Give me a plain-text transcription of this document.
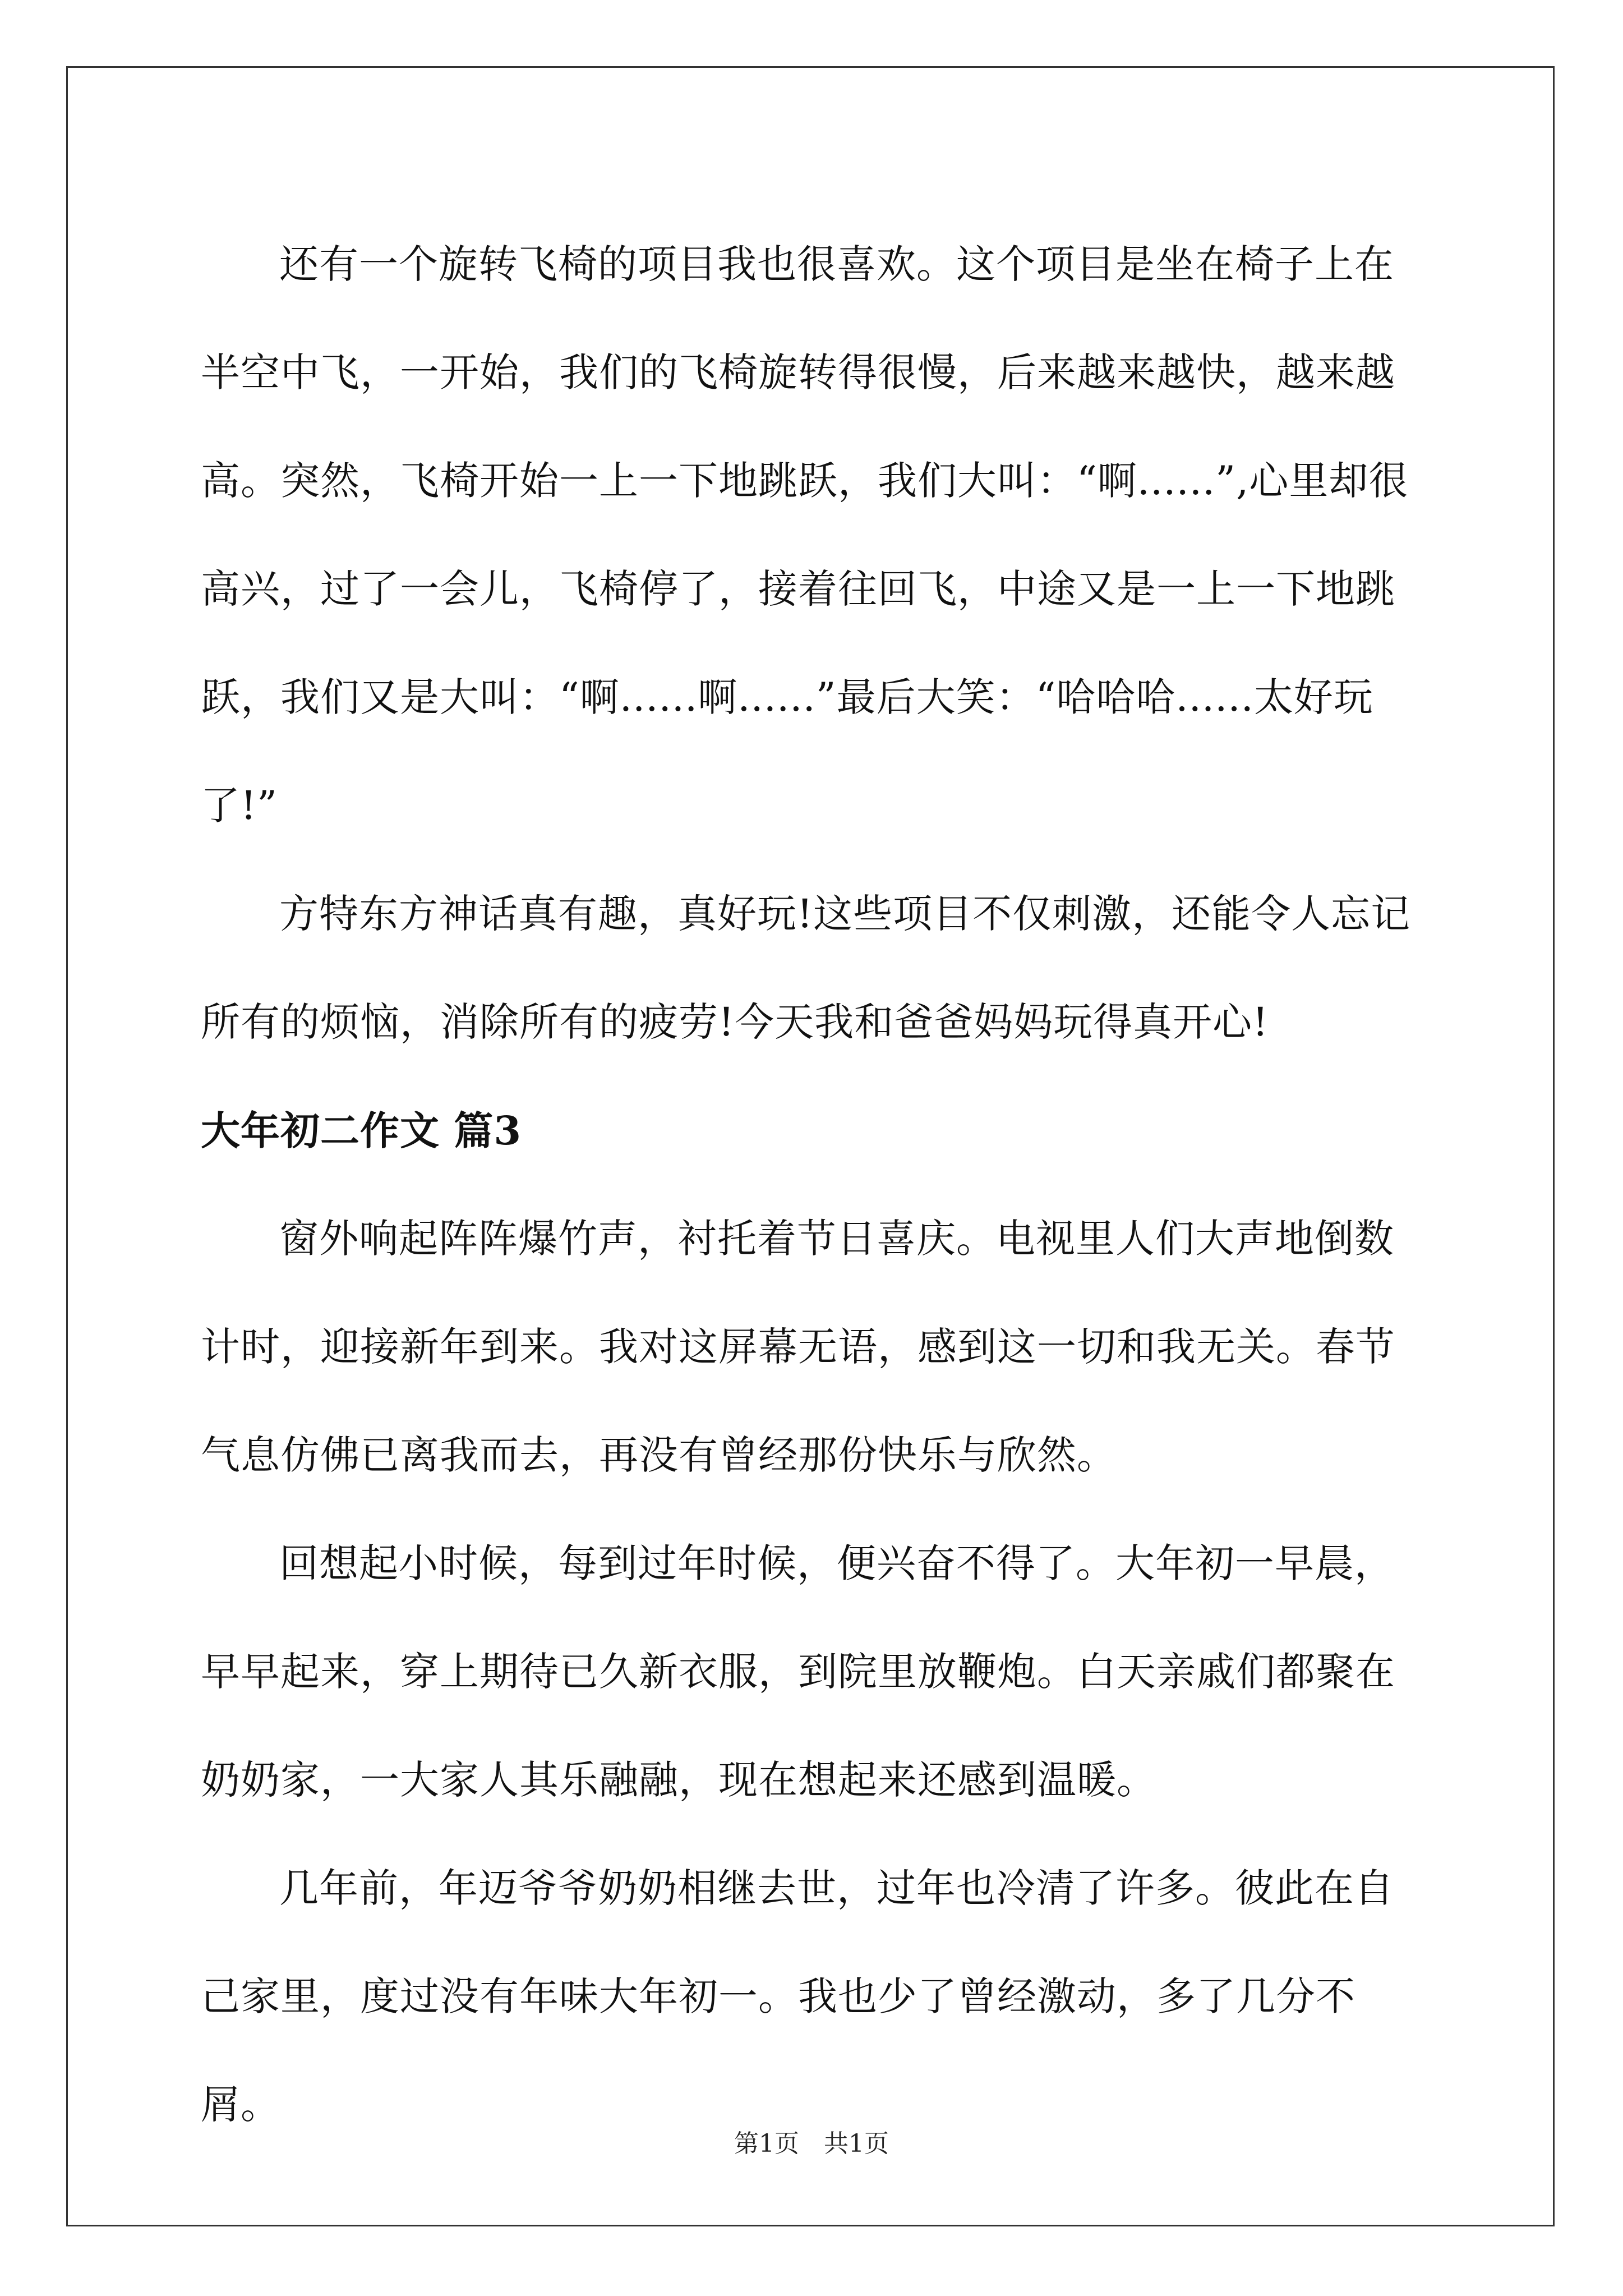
还有一个旋转飞椅的项目我也很喜欢。这个项目是坐在椅子上在半空中飞，一开始，我们的飞椅旋转得很慢，后来越来越快，越来越高。突然，飞椅开始一上一下地跳跃，我们大叫：“啊......”,心里却很高兴，过了一会儿，飞椅停了，接着往回飞，中途又是一上一下地跳跃，我们又是大叫：“啊......啊......”最后大笑：“哈哈哈......太好玩了!”

方特东方神话真有趣，真好玩!这些项目不仅刺激，还能令人忘记所有的烦恼，消除所有的疲劳!今天我和爸爸妈妈玩得真开心!

大年初二作文 篇3

窗外响起阵阵爆竹声，衬托着节日喜庆。电视里人们大声地倒数计时，迎接新年到来。我对这屏幕无语，感到这一切和我无关。春节气息仿佛已离我而去，再没有曾经那份快乐与欣然。

回想起小时候，每到过年时候，便兴奋不得了。大年初一早晨，早早起来，穿上期待已久新衣服，到院里放鞭炮。白天亲戚们都聚在奶奶家，一大家人其乐融融，现在想起来还感到温暖。

几年前，年迈爷爷奶奶相继去世，过年也冷清了许多。彼此在自己家里，度过没有年味大年初一。我也少了曾经激动，多了几分不屑。

第1页　共1页
